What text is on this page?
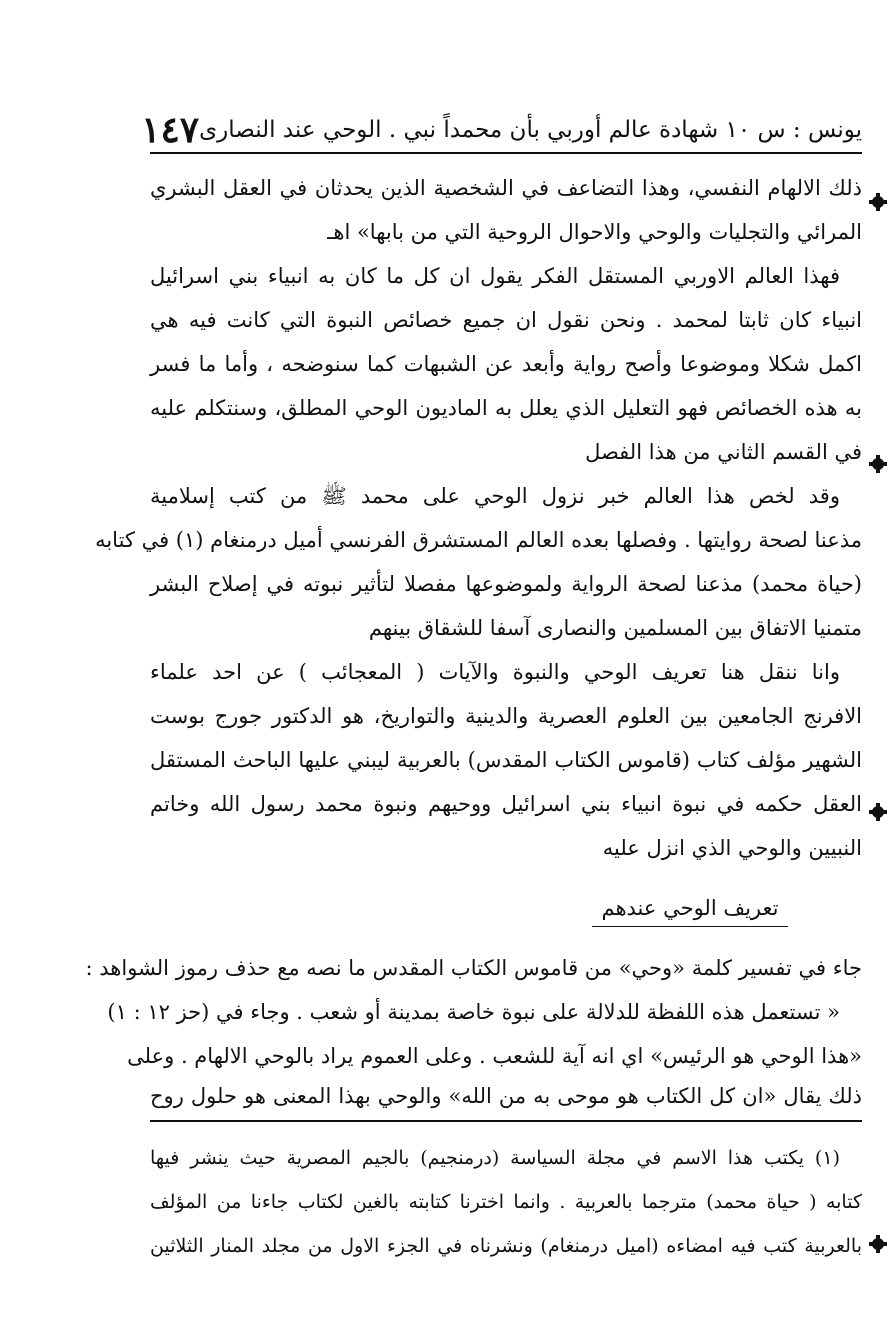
يونس : س ١٠ شهادة عالم أوربي بأن محمداً نبي . الوحي عند النصارى
١٤٧
ذلك الالهام النفسي، وهذا التضاعف في الشخصية الذين يحدثان في العقل البشري
المرائي والتجليات والوحي والاحوال الروحية التي من بابها» اهـ
فهذا العالم الاوربي المستقل الفكر يقول ان كل ما كان به انبياء بني اسرائيل
انبياء كان ثابتا لمحمد . ونحن نقول ان جميع خصائص النبوة التي كانت فيه هي
اكمل شكلا وموضوعا وأصح رواية وأبعد عن الشبهات كما سنوضحه ، وأما ما فسر
به هذه الخصائص فهو التعليل الذي يعلل به الماديون الوحي المطلق، وسنتكلم عليه
في القسم الثاني من هذا الفصل
وقد لخص هذا العالم خبر نزول الوحي على محمد ﷺ من كتب إسلامية
مذعنا لصحة روايتها . وفصلها بعده العالم المستشرق الفرنسي أميل درمنغام (١) في كتابه
(حياة محمد) مذعنا لصحة الرواية ولموضوعها مفصلا لتأثير نبوته في إصلاح البشر
متمنيا الاتفاق بين المسلمين والنصارى آسفا للشقاق بينهم
وانا ننقل هنا تعريف الوحي والنبوة والآيات ( المعجائب ) عن احد علماء
الافرنج الجامعين بين العلوم العصرية والدينية والتواريخ، هو الدكتور جورج بوست
الشهير مؤلف كتاب (قاموس الكتاب المقدس) بالعربية ليبني عليها الباحث المستقل
العقل حكمه في نبوة انبياء بني اسرائيل ووحيهم ونبوة محمد رسول الله وخاتم
النبيين والوحي الذي انزل عليه
تعريف الوحي عندهم
جاء في تفسير كلمة «وحي» من قاموس الكتاب المقدس ما نصه مع حذف رموز الشواهد :
« تستعمل هذه اللفظة للدلالة على نبوة خاصة بمدينة أو شعب . وجاء في (حز ١٢ : ١)
«هذا الوحي هو الرئيس» اي انه آية للشعب . وعلى العموم يراد بالوحي الالهام . وعلى
ذلك يقال «ان كل الكتاب هو موحى به من الله» والوحي بهذا المعنى هو حلول روح
(١) يكتب هذا الاسم في مجلة السياسة (درمنجيم) بالجيم المصرية حيث ينشر فيها
كتابه ( حياة محمد) مترجما بالعربية . وانما اخترنا كتابته بالغين لكتاب جاءنا من المؤلف
بالعربية كتب فيه امضاءه (اميل درمنغام) ونشرناه في الجزء الاول من مجلد المنار الثلاثين
